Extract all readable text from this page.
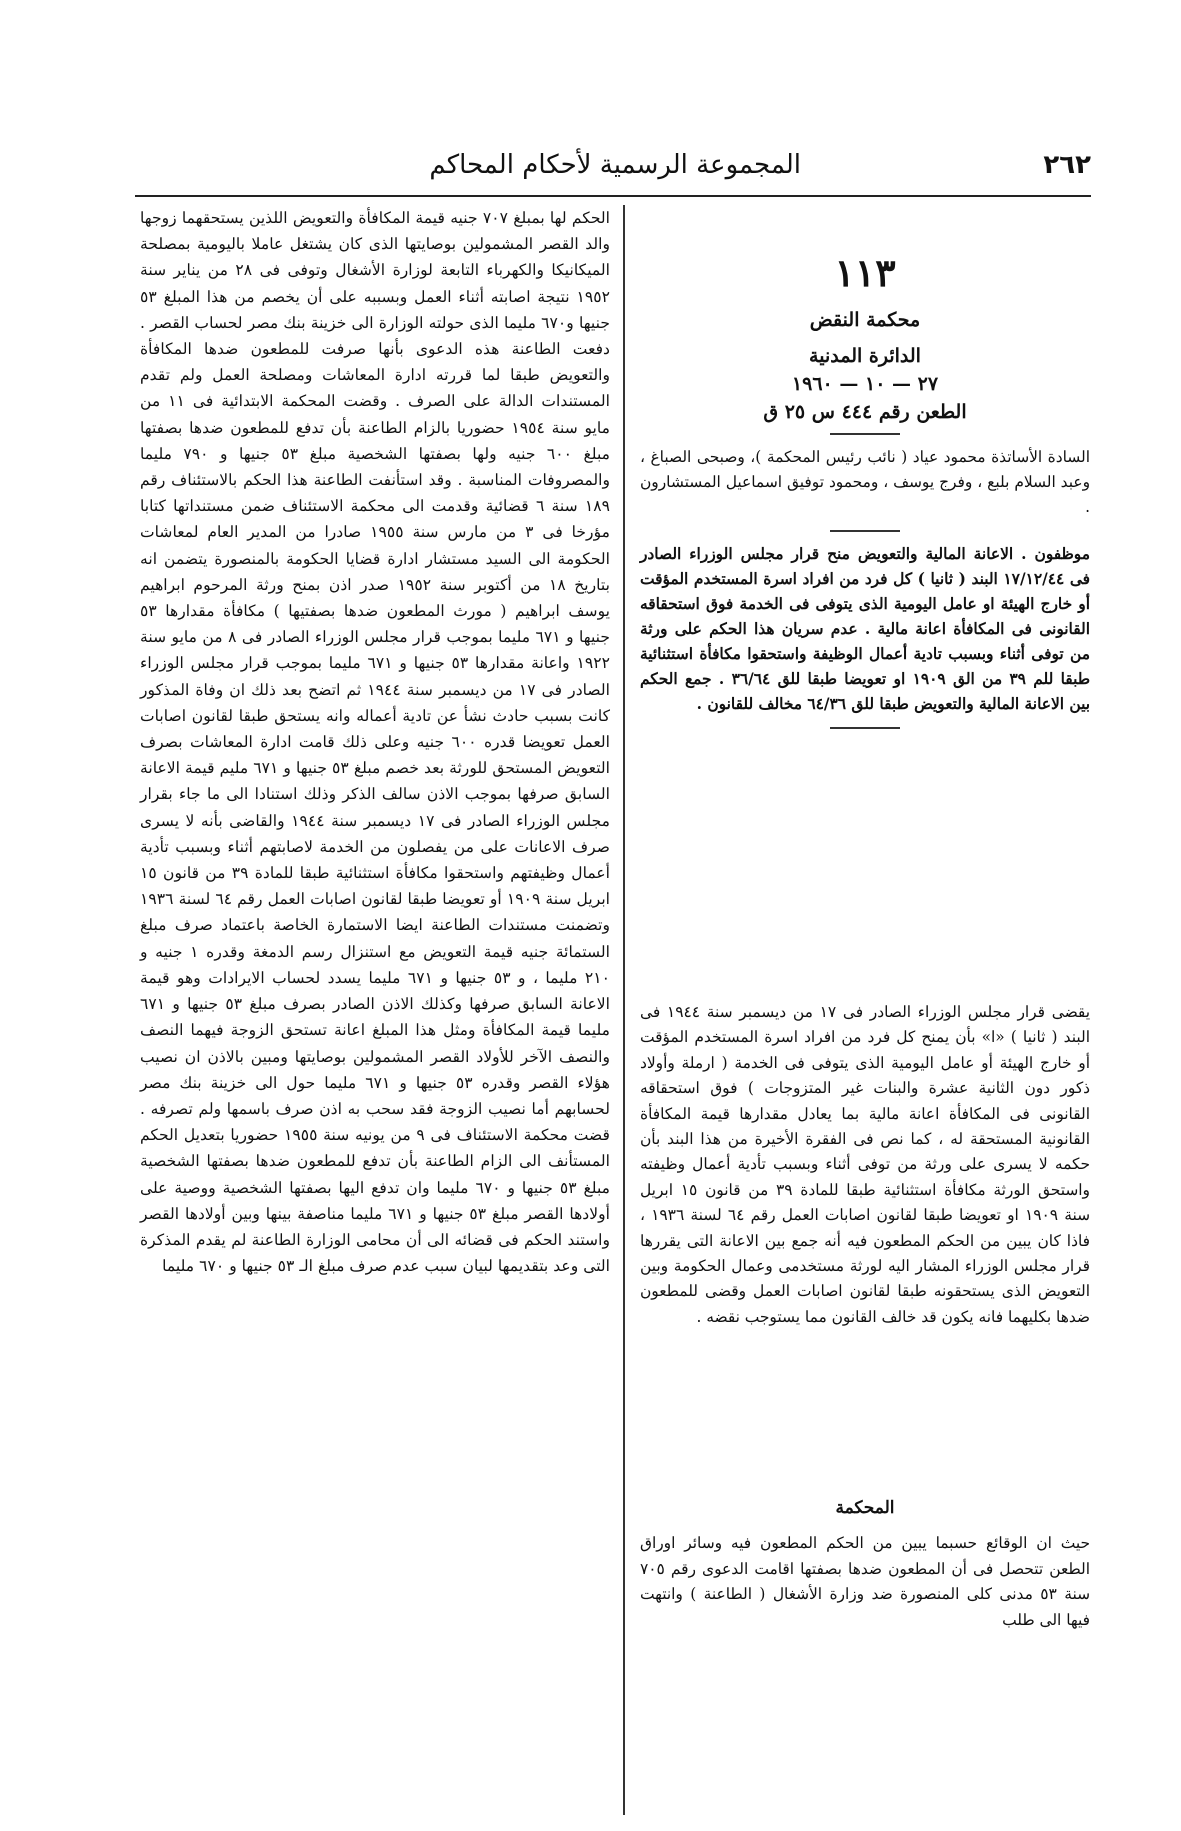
٢٦٢
المجموعة الرسمية لأحكام المحاكم
١١٣
محكمة النقض
الدائرة المدنية
٢٧ — ١٠ — ١٩٦٠
الطعن رقم ٤٤٤ س ٢٥ ق
السادة الأساتذة محمود عياد ( نائب رئيس المحكمة )، وصبحى الصباغ ، وعبد السلام بلبع ، وفرج يوسف ، ومحمود توفيق اسماعيل المستشارون .
موظفون . الاعانة المالية والتعويض منح قرار مجلس الوزراء الصادر فى ١٧/١٢/٤٤ البند ( ثانيا ) كل فرد من افراد اسرة المستخدم المؤقت أو خارج الهيئة او عامل اليومية الذى يتوفى فى الخدمة فوق استحقاقه القانونى فى المكافأة اعانة مالية . عدم سريان هذا الحكم على ورثة من توفى أثناء وبسبب تادية أعمال الوظيفة واستحقوا مكافأة استثنائية طبقا للم ٣٩ من الق ١٩٠٩ او تعويضا طبقا للق ٣٦/٦٤ . جمع الحكم بين الاعانة المالية والتعويض طبقا للق ٦٤/٣٦ مخالف للقانون .
يقضى قرار مجلس الوزراء الصادر فى ١٧ من ديسمبر سنة ١٩٤٤ فى البند ( ثانيا ) «ا» بأن يمنح كل فرد من افراد اسرة المستخدم المؤقت أو خارج الهيئة أو عامل اليومية الذى يتوفى فى الخدمة ( ارملة وأولاد ذكور دون الثانية عشرة والبنات غير المتزوجات ) فوق استحقاقه القانونى فى المكافأة اعانة مالية بما يعادل مقدارها قيمة المكافأة القانونية المستحقة له ، كما نص فى الفقرة الأخيرة من هذا البند بأن حكمه لا يسرى على ورثة من توفى أثناء وبسبب تأدية أعمال وظيفته واستحق الورثة مكافأة استثنائية طبقا للمادة ٣٩ من قانون ١٥ ابريل سنة ١٩٠٩ او تعويضا طبقا لقانون اصابات العمل رقم ٦٤ لسنة ١٩٣٦ ، فاذا كان يبين من الحكم المطعون فيه أنه جمع بين الاعانة التى يقررها قرار مجلس الوزراء المشار اليه لورثة مستخدمى وعمال الحكومة وبين التعويض الذى يستحقونه طبقا لقانون اصابات العمل وقضى للمطعون ضدها بكليهما فانه يكون قد خالف القانون مما يستوجب نقضه .
المحكمة
حيث ان الوقائع حسبما يبين من الحكم المطعون فيه وسائر اوراق الطعن تتحصل فى أن المطعون ضدها بصفتها اقامت الدعوى رقم ٧٠٥ سنة ٥٣ مدنى كلى المنصورة ضد وزارة الأشغال ( الطاعنة ) وانتهت فيها الى طلب
الحكم لها بمبلغ ٧٠٧ جنيه قيمة المكافأة والتعويض اللذين يستحقهما زوجها والد القصر المشمولين بوصايتها الذى كان يشتغل عاملا باليومية بمصلحة الميكانيكا والكهرباء التابعة لوزارة الأشغال وتوفى فى ٢٨ من يناير سنة ١٩٥٢ نتيجة اصابته أثناء العمل وبسببه على أن يخصم من هذا المبلغ ٥٣ جنيها و٦٧٠ مليما الذى حولته الوزارة الى خزينة بنك مصر لحساب القصر . دفعت الطاعنة هذه الدعوى بأنها صرفت للمطعون ضدها المكافأة والتعويض طبقا لما قررته ادارة المعاشات ومصلحة العمل ولم تقدم المستندات الدالة على الصرف . وقضت المحكمة الابتدائية فى ١١ من مايو سنة ١٩٥٤ حضوريا بالزام الطاعنة بأن تدفع للمطعون ضدها بصفتها مبلغ ٦٠٠ جنيه ولها بصفتها الشخصية مبلغ ٥٣ جنيها و ٧٩٠ مليما والمصروفات المناسبة . وقد استأنفت الطاعنة هذا الحكم بالاستئناف رقم ١٨٩ سنة ٦ قضائية وقدمت الى محكمة الاستئناف ضمن مستنداتها كتابا مؤرخا فى ٣ من مارس سنة ١٩٥٥ صادرا من المدير العام لمعاشات الحكومة الى السيد مستشار ادارة قضايا الحكومة بالمنصورة يتضمن انه بتاريخ ١٨ من أكتوبر سنة ١٩٥٢ صدر اذن بمنح ورثة المرحوم ابراهيم يوسف ابراهيم ( مورث المطعون ضدها بصفتيها ) مكافأة مقدارها ٥٣ جنيها و ٦٧١ مليما بموجب قرار مجلس الوزراء الصادر فى ٨ من مايو سنة ١٩٢٢ واعانة مقدارها ٥٣ جنيها و ٦٧١ مليما بموجب قرار مجلس الوزراء الصادر فى ١٧ من ديسمبر سنة ١٩٤٤ ثم اتضح بعد ذلك ان وفاة المذكور كانت بسبب حادث نشأ عن تادية أعماله وانه يستحق طبقا لقانون اصابات العمل تعويضا قدره ٦٠٠ جنيه وعلى ذلك قامت ادارة المعاشات بصرف التعويض المستحق للورثة بعد خصم مبلغ ٥٣ جنيها و ٦٧١ مليم قيمة الاعانة السابق صرفها بموجب الاذن سالف الذكر وذلك استنادا الى ما جاء بقرار مجلس الوزراء الصادر فى ١٧ ديسمبر سنة ١٩٤٤ والقاضى بأنه لا يسرى صرف الاعانات على من يفصلون من الخدمة لاصابتهم أثناء وبسبب تأدية أعمال وظيفتهم واستحقوا مكافأة استثنائية طبقا للمادة ٣٩ من قانون ١٥ ابريل سنة ١٩٠٩ أو تعويضا طبقا لقانون اصابات العمل رقم ٦٤ لسنة ١٩٣٦ وتضمنت مستندات الطاعنة ايضا الاستمارة الخاصة باعتماد صرف مبلغ الستمائة جنيه قيمة التعويض مع استنزال رسم الدمغة وقدره ١ جنيه و ٢١٠ مليما ، و ٥٣ جنيها و ٦٧١ مليما يسدد لحساب الايرادات وهو قيمة الاعانة السابق صرفها وكذلك الاذن الصادر بصرف مبلغ ٥٣ جنيها و ٦٧١ مليما قيمة المكافأة ومثل هذا المبلغ اعانة تستحق الزوجة فيهما النصف والنصف الآخر للأولاد القصر المشمولين بوصايتها ومبين بالاذن ان نصيب هؤلاء القصر وقدره ٥٣ جنيها و ٦٧١ مليما حول الى خزينة بنك مصر لحسابهم أما نصيب الزوجة فقد سحب به اذن صرف باسمها ولم تصرفه . قضت محكمة الاستئناف فى ٩ من يونيه سنة ١٩٥٥ حضوريا بتعديل الحكم المستأنف الى الزام الطاعنة بأن تدفع للمطعون ضدها بصفتها الشخصية مبلغ ٥٣ جنيها و ٦٧٠ مليما وان تدفع اليها بصفتها الشخصية ووصية على أولادها القصر مبلغ ٥٣ جنيها و ٦٧١ مليما مناصفة بينها وبين أولادها القصر واستند الحكم فى قضائه الى أن محامى الوزارة الطاعنة لم يقدم المذكرة التى وعد بتقديمها لبيان سبب عدم صرف مبلغ الـ ٥٣ جنيها و ٦٧٠ مليما
